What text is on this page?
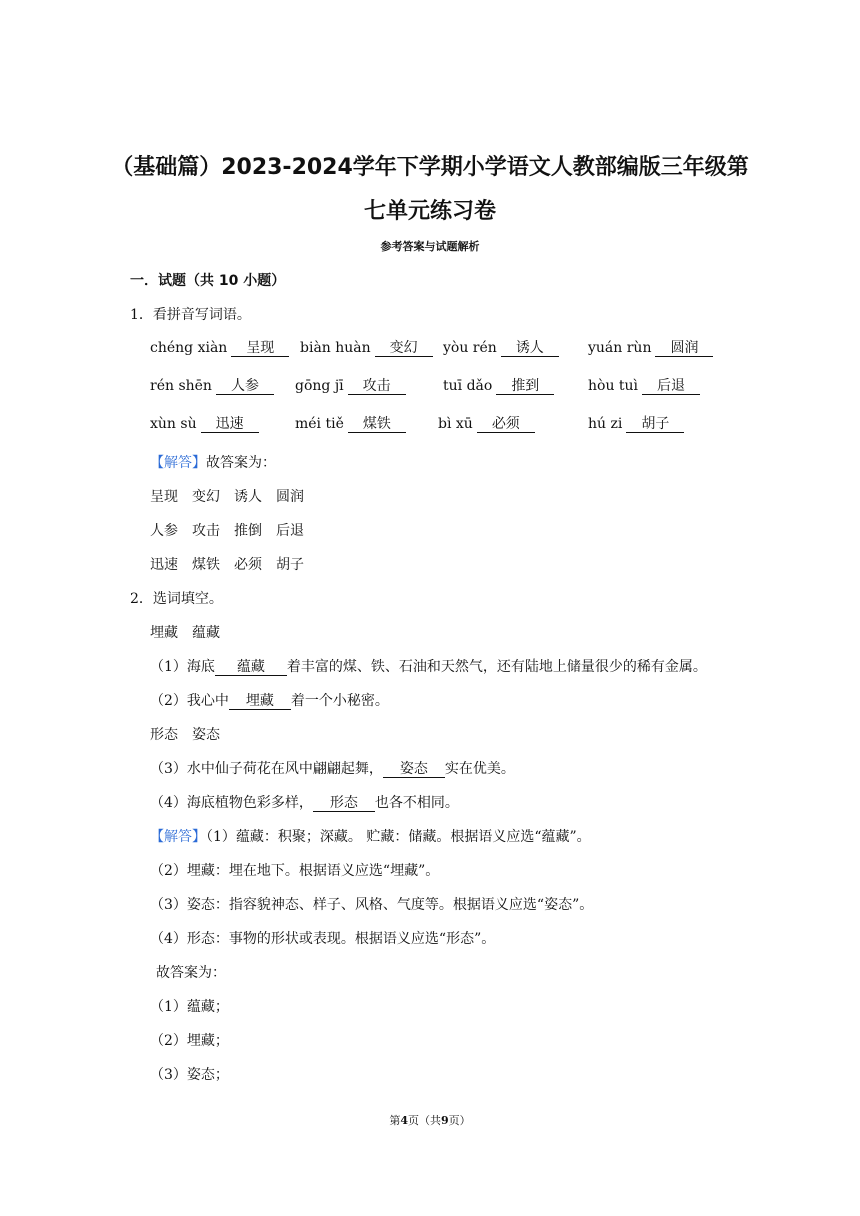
（基础篇）2023-2024学年下学期小学语文人教部编版三年级第
七单元练习卷
参考答案与试题解析
一．试题（共 10 小题）
1．看拼音写词语。
chéng xiàn	呈现	biàn huàn	变幻	yòu rén	诱人	yuán rùn	圆润
rén shēn	人参	gōng jī	攻击	tuī dǎo	推到	hòu tuì	后退
xùn sù	迅速	méi tiě	煤铁	bì xū	必须	hú zi	胡子
【解答】故答案为：
呈现　变幻　诱人　圆润
人参　攻击　推倒　后退
迅速　煤铁　必须　胡子
2．选词填空。
埋藏　蕴藏
（1）海底 蕴藏 着丰富的煤、铁、石油和天然气，还有陆地上储量很少的稀有金属。
（2）我心中 埋藏 着一个小秘密。
形态　姿态
（3）水中仙子荷花在风中翩翩起舞， 姿态 实在优美。
（4）海底植物色彩多样， 形态 也各不相同。
【解答】（1）蕴藏：积聚；深藏。 贮藏：储藏。根据语义应选“蕴藏”。
（2）埋藏：埋在地下。根据语义应选“埋藏”。
（3）姿态：指容貌神态、样子、风格、气度等。根据语义应选“姿态”。
（4）形态：事物的形状或表现。根据语义应选“形态”。
故答案为：
（1）蕴藏；
（2）埋藏；
（3）姿态；
第4页（共9页）
